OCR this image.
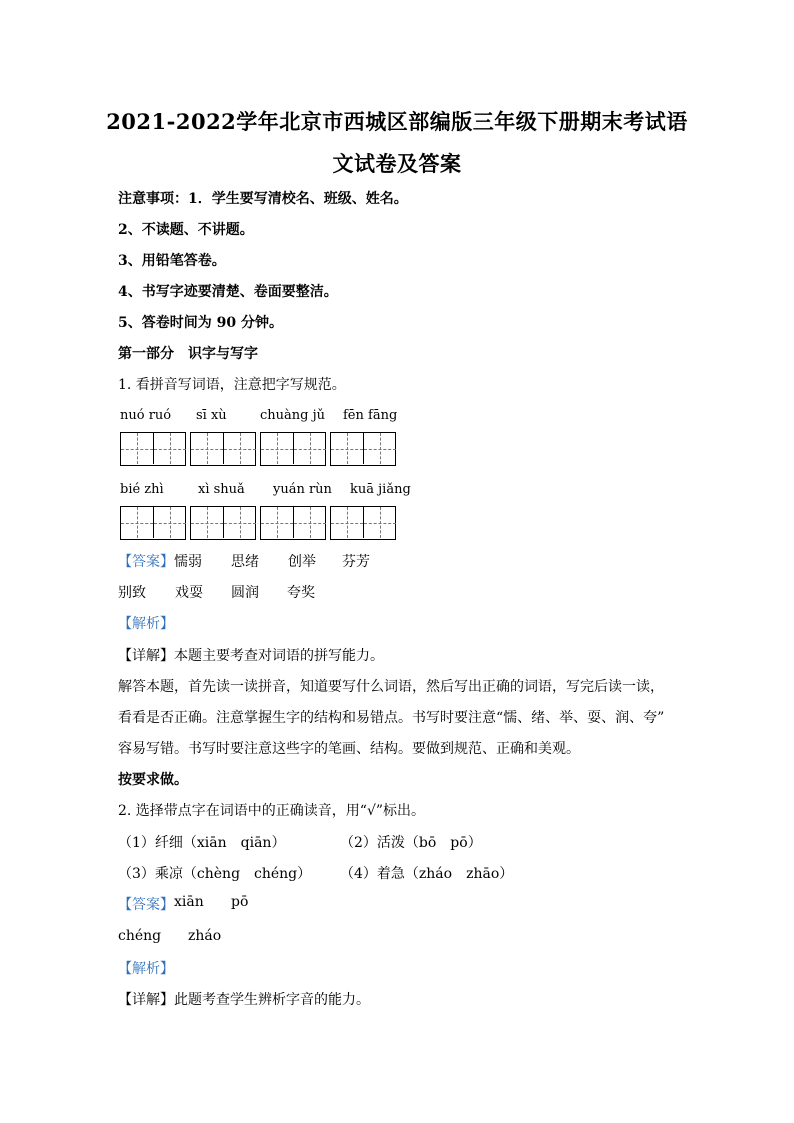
2021-2022学年北京市西城区部编版三年级下册期末考试语
文试卷及答案
注意事项：1．学生要写清校名、班级、姓名。
2、不读题、不讲题。
3、用铅笔答卷。
4、书写字迹要清楚、卷面要整洁。
5、答卷时间为 90 分钟。
第一部分　识字与写字
1. 看拼音写词语，注意把字写规范。
nuó ruó sī xù	chuàng jǔ fēn fāng
bié zhì	xì shuǎ yuán rùn kuā jiǎng
【答案】 懦弱 思绪 创举 芬芳
别致 戏耍 圆润 夸奖
【解析】
【详解】本题主要考查对词语的拼写能力。
解答本题，首先读一读拼音，知道要写什么词语，然后写出正确的词语，写完后读一读，
看看是否正确。注意掌握生字的结构和易错点。书写时要注意“懦、绪、举、耍、润、夸”
容易写错。书写时要注意这些字的笔画、结构。要做到规范、正确和美观。
按要求做。
2. 选择带点字在词语中的正确读音，用“√”标出。
（1）纤细（xiān　qiān）	（2）活泼（bō　pō）
（3）乘凉（chèng　chéng） （4）着急（zháo　zhāo）
【答案】 xiān pō
chéng zháo
【解析】
【详解】此题考查学生辨析字音的能力。
